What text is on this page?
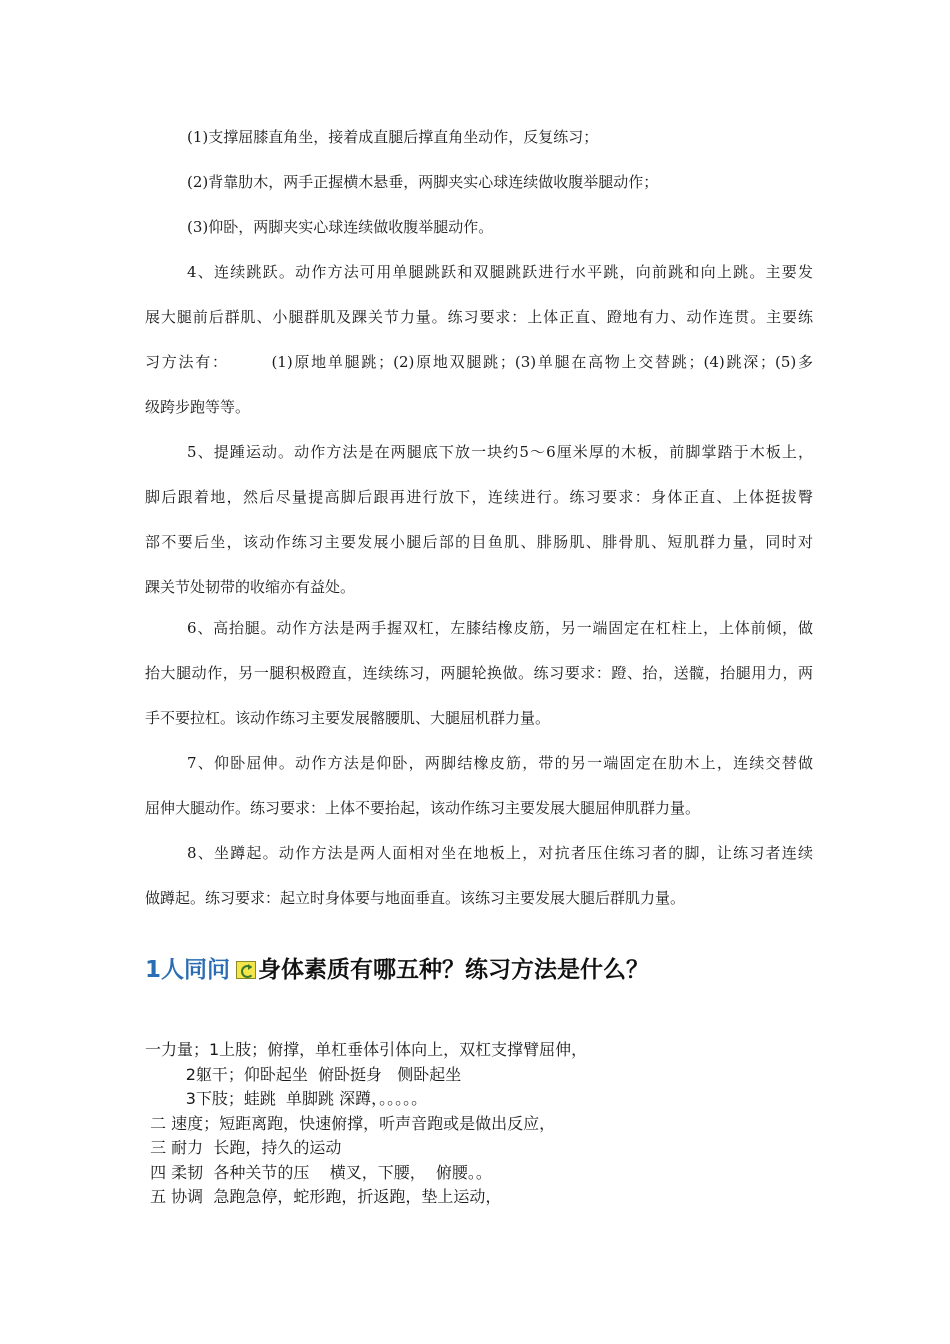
(1)支撑屈膝直角坐，接着成直腿后撑直角坐动作，反复练习；
(2)背靠肋木，两手正握横木悬垂，两脚夹实心球连续做收腹举腿动作；
(3)仰卧，两脚夹实心球连续做收腹举腿动作。
4、连续跳跃。动作方法可用单腿跳跃和双腿跳跃进行水平跳，向前跳和向上跳。主要发
展大腿前后群肌、小腿群肌及踝关节力量。练习要求：上体正直、蹬地有力、动作连贯。主要练
习方法有：　　　(1)原地单腿跳；(2)原地双腿跳；(3)单腿在高物上交替跳；(4)跳深；(5)多
级跨步跑等等。
5、提踵运动。动作方法是在两腿底下放一块约5～6厘米厚的木板，前脚掌踏于木板上，
脚后跟着地，然后尽量提高脚后跟再进行放下，连续进行。练习要求：身体正直、上体挺拔臀
部不要后坐，该动作练习主要发展小腿后部的目鱼肌、腓肠肌、腓骨肌、短肌群力量，同时对
踝关节处韧带的收缩亦有益处。
6、高抬腿。动作方法是两手握双杠，左膝结橡皮筋，另一端固定在杠柱上，上体前倾，做
抬大腿动作，另一腿积极蹬直，连续练习，两腿轮换做。练习要求：蹬、抬，送髋，抬腿用力，两
手不要拉杠。该动作练习主要发展髂腰肌、大腿屈机群力量。
7、仰卧屈伸。动作方法是仰卧，两脚结橡皮筋，带的另一端固定在肋木上，连续交替做
屈伸大腿动作。练习要求：上体不要抬起，该动作练习主要发展大腿屈伸肌群力量。
8、坐蹲起。动作方法是两人面相对坐在地板上，对抗者压住练习者的脚，让练习者连续
做蹲起。练习要求：起立时身体要与地面垂直。该练习主要发展大腿后群肌力量。
1人同问 身体素质有哪五种？练习方法是什么？
一力量；1上肢；俯撑，单杠垂体引体向上，双杠支撑臂屈伸，
2躯干；仰卧起坐  俯卧挺身   侧卧起坐
3下肢；蛙跳  单脚跳 深蹲，。。。。。
二 速度；短距离跑，快速俯撑，听声音跑或是做出反应，
三 耐力  长跑，持久的运动
四 柔韧  各种关节的压    横叉，下腰，  俯腰。。
五 协调  急跑急停，蛇形跑，折返跑，垫上运动，
